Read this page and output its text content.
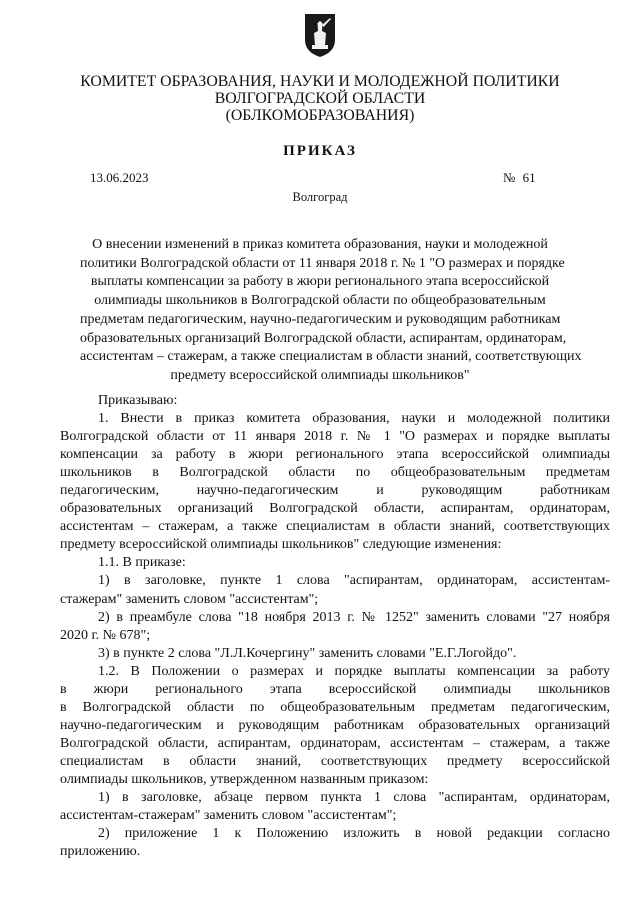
КОМИТЕТ ОБРАЗОВАНИЯ, НАУКИ И МОЛОДЕЖНОЙ ПОЛИТИКИ
ВОЛГОГРАДСКОЙ ОБЛАСТИ
(ОБЛКОМОБРАЗОВАНИЯ)
ПРИКАЗ
13.06.2023	№ 61
Волгоград
О внесении изменений в приказ комитета образования, науки и молодежной
политики Волгоградской области от 11 января 2018 г. № 1 "О размерах и порядке
выплаты компенсации за работу в жюри регионального этапа всероссийской
олимпиады школьников в Волгоградской области по общеобразовательным
предметам педагогическим, научно-педагогическим и руководящим работникам
образовательных организаций Волгоградской области, аспирантам, ординаторам,
ассистентам – стажерам, а также специалистам в области знаний, соответствующих
предмету всероссийской олимпиады школьников"
Приказываю:
1. Внести в приказ комитета образования, науки и молодежной политики
Волгоградской области от 11 января 2018 г. № 1 "О размерах и порядке выплаты
компенсации за работу в жюри регионального этапа всероссийской олимпиады
школьников в Волгоградской области по общеобразовательным предметам
педагогическим, научно-педагогическим и руководящим работникам
образовательных организаций Волгоградской области, аспирантам, ординаторам,
ассистентам – стажерам, а также специалистам в области знаний, соответствующих
предмету всероссийской олимпиады школьников" следующие изменения:
1.1. В приказе:
1) в заголовке, пункте 1 слова "аспирантам, ординаторам, ассистентам-
стажерам" заменить словом "ассистентам";
2) в преамбуле слова "18 ноября 2013 г. № 1252" заменить словами "27 ноября
2020 г. № 678";
3) в пункте 2 слова "Л.Л.Кочергину" заменить словами "Е.Г.Логойдо".
1.2. В Положении о размерах и порядке выплаты компенсации за работу
в жюри регионального этапа всероссийской олимпиады школьников
в Волгоградской области по общеобразовательным предметам педагогическим,
научно-педагогическим и руководящим работникам образовательных организаций
Волгоградской области, аспирантам, ординаторам, ассистентам – стажерам, а также
специалистам в области знаний, соответствующих предмету всероссийской
олимпиады школьников, утвержденном названным приказом:
1) в заголовке, абзаце первом пункта 1 слова "аспирантам, ординаторам,
ассистентам-стажерам" заменить словом "ассистентам";
2) приложение 1 к Положению изложить в новой редакции согласно
приложению.
